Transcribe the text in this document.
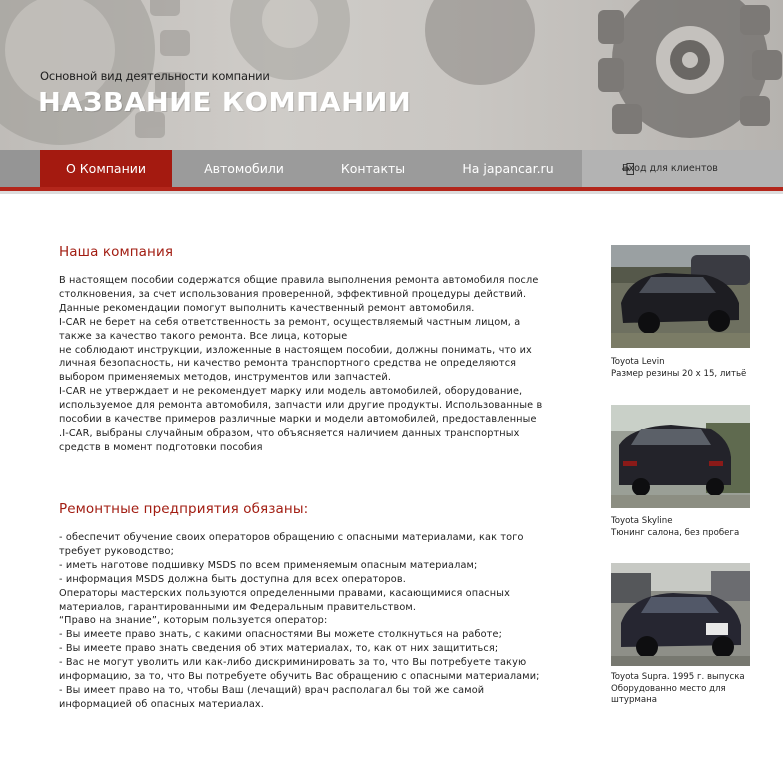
Основной вид деятельности компании
НАЗВАНИЕ КОМПАНИИ
О Компании	Автомобили	Контакты	На japancar.ru	Вход для клиентов
Наша компания
В настоящем пособии содержатся общие правила выполнения ремонта автомобиля после
столкновения, за счет использования проверенной, эффективной процедуры действий.
Данные рекомендации помогут выполнить качественный ремонт автомобиля.
I-CAR не берет на себя ответственность за ремонт, осуществляемый частным лицом, а
также за качество такого ремонта. Все лица, которые
не соблюдают инструкции, изложенные в настоящем пособии, должны понимать, что их
личная безопасность, ни качество ремонта транспортного средства не определяются
выбором применяемых методов, инструментов или запчастей.
I-CAR не утверждает и не рекомендует марку или модель автомобилей, оборудование,
используемое для ремонта автомобиля, запчасти или другие продукты. Использованные в
пособии в качестве примеров различные марки и модели автомобилей, предоставленные
.I-CAR, выбраны случайным образом, что объясняется наличием данных транспортных
средств в момент подготовки пособия
Ремонтные предприятия обязаны:
- обеспечит обучение своих операторов обращению с опасными материалами, как того
требует руководство;
- иметь наготове подшивку MSDS по всем применяемым опасным материалам;
- информация MSDS должна быть доступна для всех операторов.
Операторы мастерских пользуются определенными правами, касающимися опасных
материалов, гарантированными им Федеральным правительством.
“Право на знание”, которым пользуется оператор:
- Вы имеете право знать, с какими опасностями Вы можете столкнуться на работе;
- Вы имеете право знать сведения об этих материалах, то, как от них защититься;
- Вас не могут уволить или как-либо дискриминировать за то, что Вы потребуете такую
информацию, за то, что Вы потребуете обучить Вас обращению с опасными материалами;
- Вы имеет право на то, чтобы Ваш (лечащий) врач располагал бы той же самой
информацией об опасных материалах.
Toyota Levin
Размер резины 20 х 15, литьё
Toyota Skyline
Тюнинг салона, без пробега
Toyota Supra. 1995 г. выпуска
Оборудованно место для
штурмана
